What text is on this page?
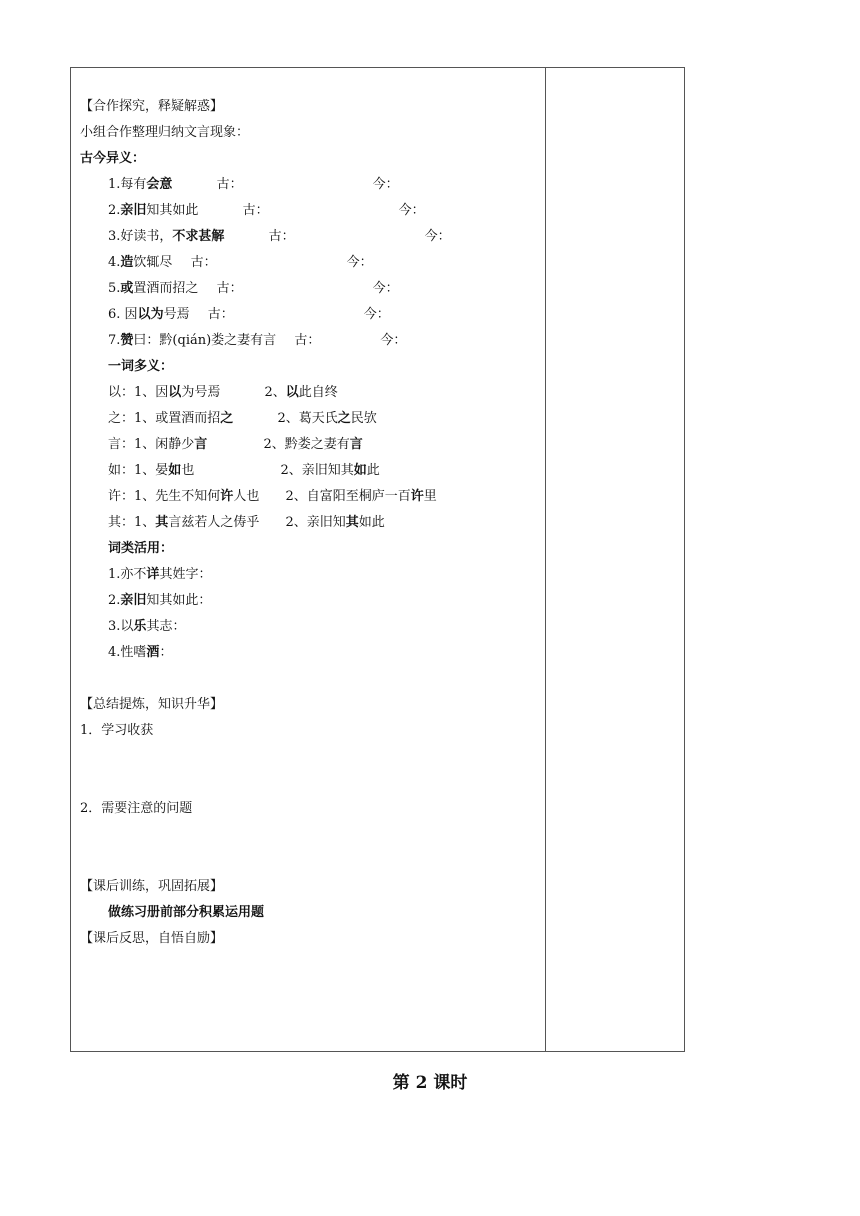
【合作探究，释疑解惑】
小组合作整理归纳文言现象：
古今异义：
1.每有会意	古：	今：
2.亲旧知其如此	古：	今：
3.好读书，不求甚解	古：	今：
4.造饮辄尽 古：	今：
5.或置酒而招之 古：	今：
6. 因以为号焉 古：	今：
7.赞曰：黔(qián)娄之妻有言 古：	今：
一词多义：
以：1、因以为号焉	2、以此自终
之：1、或置酒而招之	2、葛天氏之民欤
言：1、闲静少言	2、黔娄之妻有言
如：1、晏如也	2、亲旧知其如此
许：1、先生不知何许人也 2、自富阳至桐庐一百许里
其：1、其言兹若人之俦乎 2、亲旧知其如此
词类活用：
1.亦不详其姓字：
2.亲旧知其如此：
3.以乐其志：
4.性嗜酒：
【总结提炼，知识升华】
1．学习收获
2．需要注意的问题
【课后训练，巩固拓展】
做练习册前部分积累运用题
【课后反思，自悟自励】
第 2 课时
